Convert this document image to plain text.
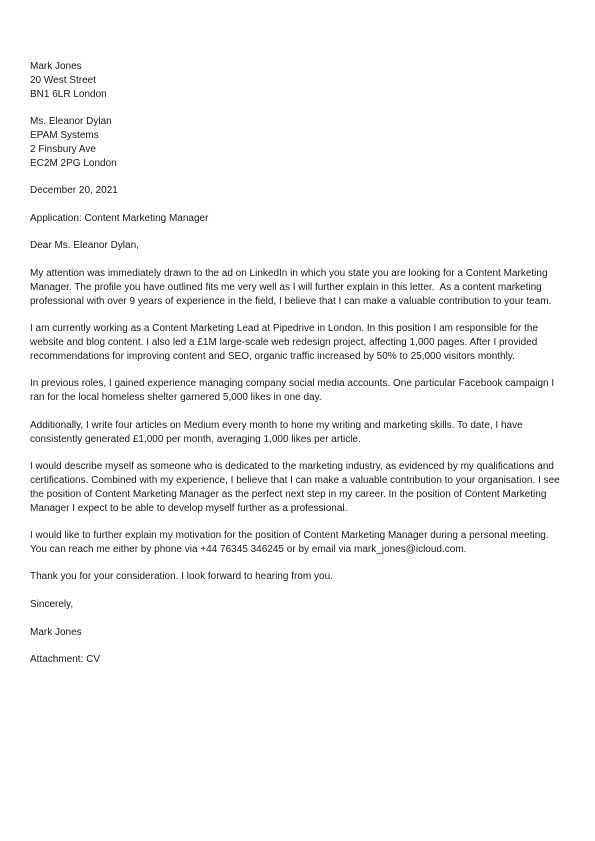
Mark Jones
20 West Street
BN1 6LR London
Ms. Eleanor Dylan
EPAM Systems
2 Finsbury Ave
EC2M 2PG London
December 20, 2021
Application: Content Marketing Manager
Dear Ms. Eleanor Dylan,

My attention was immediately drawn to the ad on LinkedIn in which you state you are looking for a Content Marketing
Manager. The profile you have outlined fits me very well as I will further explain in this letter.  As a content marketing
professional with over 9 years of experience in the field, I believe that I can make a valuable contribution to your team.

I am currently working as a Content Marketing Lead at Pipedrive in London. In this position I am responsible for the
website and blog content. I also led a £1M large-scale web redesign project, affecting 1,000 pages. After I provided
recommendations for improving content and SEO, organic traffic increased by 50% to 25,000 visitors monthly.

In previous roles, I gained experience managing company social media accounts. One particular Facebook campaign I
ran for the local homeless shelter garnered 5,000 likes in one day.

Additionally, I write four articles on Medium every month to hone my writing and marketing skills. To date, I have
consistently generated £1,000 per month, averaging 1,000 likes per article.

I would describe myself as someone who is dedicated to the marketing industry, as evidenced by my qualifications and
certifications. Combined with my experience, I believe that I can make a valuable contribution to your organisation. I see
the position of Content Marketing Manager as the perfect next step in my career. In the position of Content Marketing
Manager I expect to be able to develop myself further as a professional.

I would like to further explain my motivation for the position of Content Marketing Manager during a personal meeting.
You can reach me either by phone via +44 76345 346245 or by email via mark_jones@icloud.com.

Thank you for your consideration. I look forward to hearing from you.

Sincerely,
Mark Jones
Attachment: CV
